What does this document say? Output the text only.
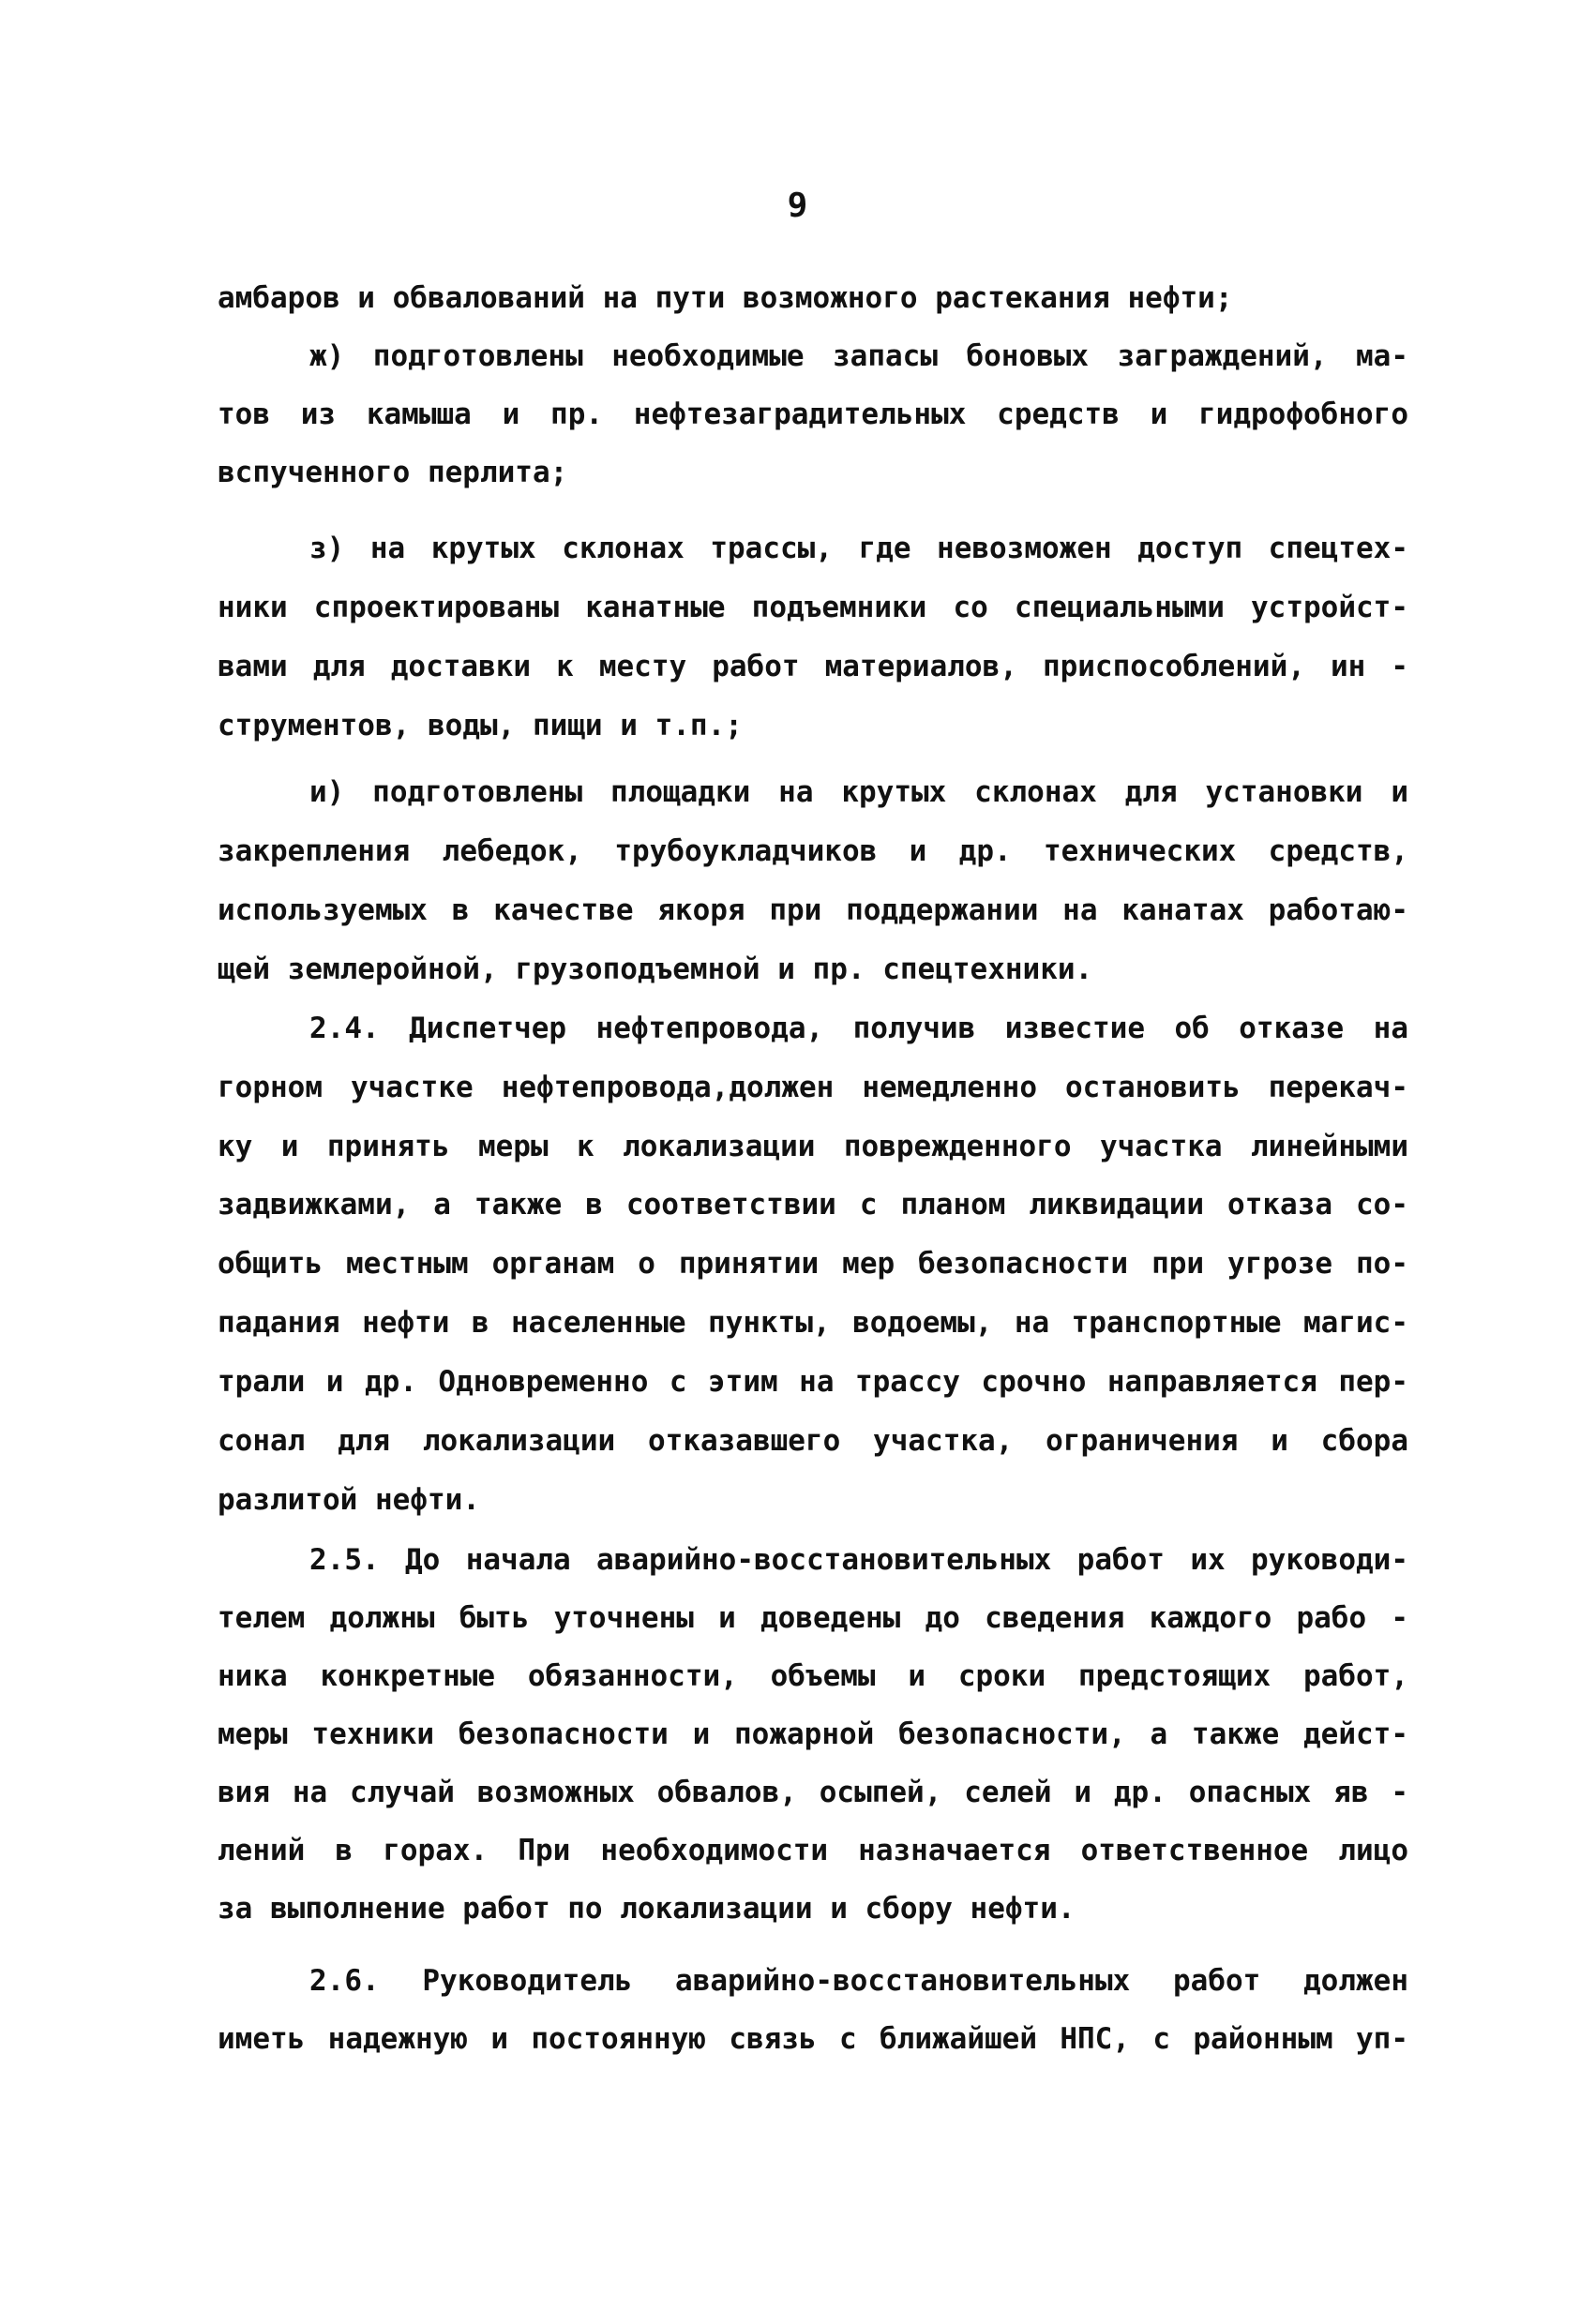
9
амбаров и обвалований на пути возможного растекания нефти;
ж) подготовлены необходимые запасы боновых заграждений, ма-
тов из камыша и пр. нефтезаградительных средств и гидрофобного
вспученного перлита;
з) на крутых склонах трассы, где невозможен доступ спецтех-
ники спроектированы канатные подъемники со специальными устройст-
вами для доставки к месту работ материалов, приспособлений, ин -
струментов, воды, пищи и т.п.;
и) подготовлены площадки на крутых склонах для установки и
закрепления лебедок, трубоукладчиков и др. технических средств,
используемых в качестве якоря при поддержании на канатах работаю-
щей землеройной, грузоподъемной и пр. спецтехники.
2.4. Диспетчер нефтепровода, получив известие об отказе на
горном участке нефтепровода,должен немедленно остановить перекач-
ку и принять меры к локализации поврежденного участка линейными
задвижками, а также в соответствии с планом ликвидации отказа со-
общить местным органам о принятии мер безопасности при угрозе по-
падания нефти в населенные пункты, водоемы, на транспортные магис-
трали и др. Одновременно с этим на трассу срочно направляется пер-
сонал для локализации отказавшего участка, ограничения и сбора
разлитой нефти.
2.5. До начала аварийно-восстановительных работ их руководи-
телем должны быть уточнены и доведены до сведения каждого рабо -
ника конкретные обязанности, объемы и сроки предстоящих работ,
меры техники безопасности и пожарной безопасности, а также дейст-
вия на случай возможных обвалов, осыпей, селей и др. опасных яв -
лений в горах. При необходимости назначается ответственное лицо
за выполнение работ по локализации и сбору нефти.
2.6. Руководитель аварийно-восстановительных работ должен
иметь надежную и постоянную связь с ближайшей НПС, с районным уп-
